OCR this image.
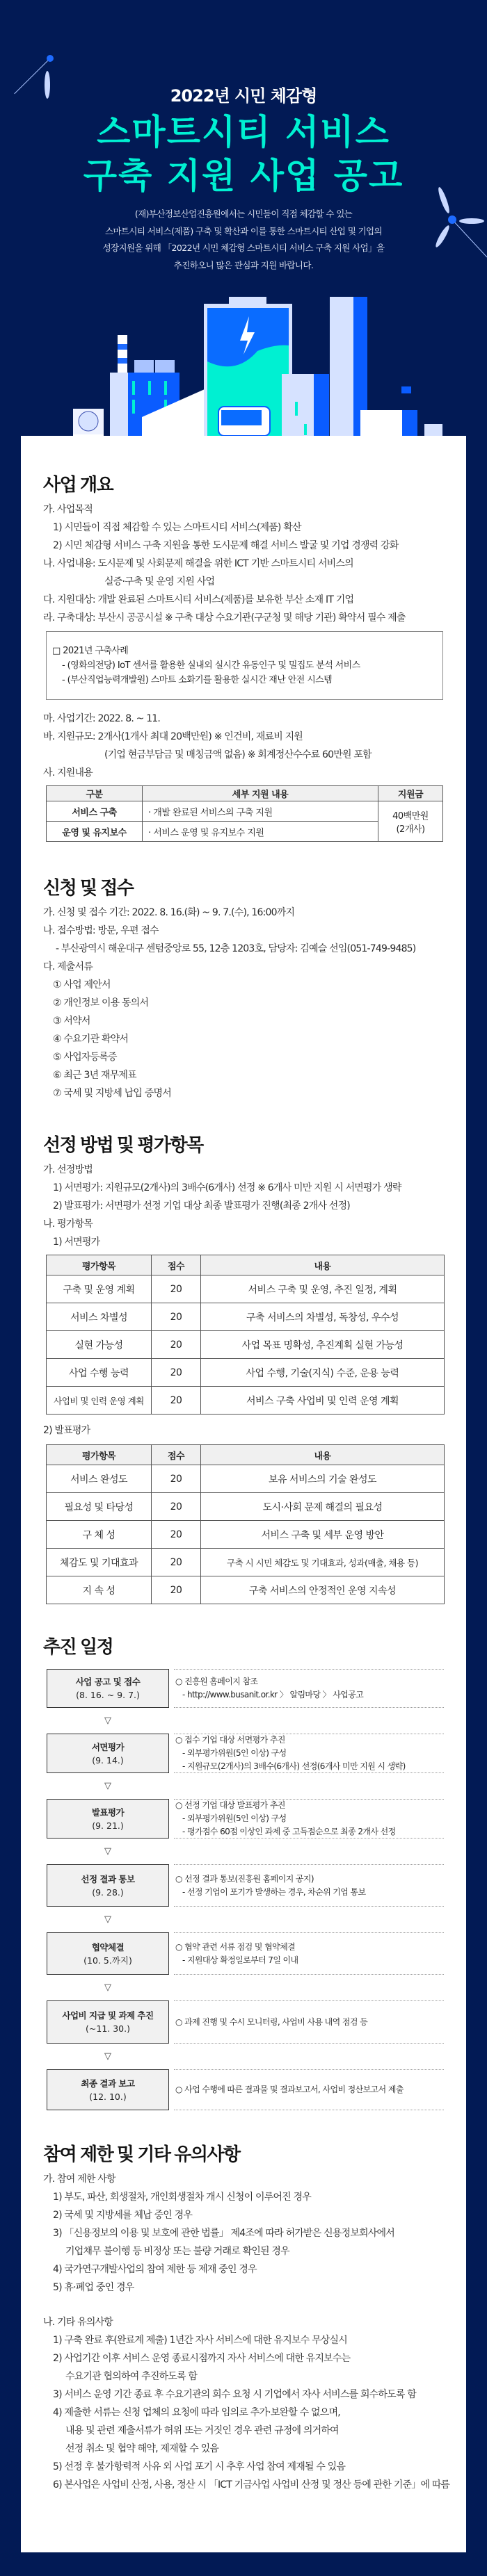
2022년 시민 체감형
스마트시티 서비스
구축 지원 사업 공고
(재)부산정보산업진흥원에서는 시민들이 직접 체감할 수 있는
스마트시티 서비스(제품) 구축 및 확산과 이를 통한 스마트시티 산업 및 기업의
성장지원을 위해 「2022년 시민 체감형 스마트시티 서비스 구축 지원 사업」을
추진하오니 많은 관심과 지원 바랍니다.
사업 개요
가. 사업목적
1) 시민들이 직접 체감할 수 있는 스마트시티 서비스(제품) 확산
2) 시민 체감형 서비스 구축 지원을 통한 도시문제 해결 서비스 발굴 및 기업 경쟁력 강화
나. 사업내용: 도시문제 및 사회문제 해결을 위한 ICT 기반 스마트시티 서비스의
실증·구축 및 운영 지원 사업
다. 지원대상: 개발 완료된 스마트시티 서비스(제품)를 보유한 부산 소재 IT 기업
라. 구축대상: 부산시 공공시설 ※ 구축 대상 수요기관(구군청 및 해당 기관) 확약서 필수 제출
□ 2021년 구축사례
- (영화의전당) IoT 센서를 활용한 실내외 실시간 유동인구 및 밀집도 분석 서비스
- (부산직업능력개발원) 스마트 소화기를 활용한 실시간 재난 안전 시스템
마. 사업기간: 2022. 8. ~ 11.
바. 지원규모: 2개사(1개사 최대 20백만원) ※ 인건비, 재료비 지원
(기업 현금부담금 및 매칭금액 없음) ※ 회계정산수수료 60만원 포함
사. 지원내용
구분	세부 지원 내용	지원금
서비스 구축	· 개발 완료된 서비스의 구축 지원	40백만원
(2개사)

운영 및 유지보수	· 서비스 운영 및 유지보수 지원	
신청 및 접수
가. 신청 및 접수 기간: 2022. 8. 16.(화) ~ 9. 7.(수), 16:00까지
나. 접수방법: 방문, 우편 접수
- 부산광역시 해운대구 센텀중앙로 55, 12층 1203호, 담당자: 김예슬 선임(051-749-9485)
다. 제출서류
① 사업 제안서
② 개인정보 이용 동의서
③ 서약서
④ 수요기관 확약서
⑤ 사업자등록증
⑥ 최근 3년 재무제표
⑦ 국세 및 지방세 납입 증명서
선정 방법 및 평가항목
가. 선정방법
1) 서면평가: 지원규모(2개사)의 3배수(6개사) 선정 ※ 6개사 미만 지원 시 서면평가 생략
2) 발표평가: 서면평가 선정 기업 대상 최종 발표평가 진행(최종 2개사 선정)
나. 평가항목
1) 서면평가
평가항목	점수	내용
구축 및 운영 계획	20	서비스 구축 및 운영, 추진 일정, 계획
서비스 차별성	20	구축 서비스의 차별성, 독창성, 우수성
실현 가능성	20	사업 목표 명확성, 추진계획 실현 가능성
사업 수행 능력	20	사업 수행, 기술(지식) 수준, 운용 능력
사업비 및 인력 운영 계획	20	서비스 구축 사업비 및 인력 운영 계획
2) 발표평가
평가항목	점수	내용
서비스 완성도	20	보유 서비스의 기술 완성도
필요성 및 타당성	20	도시·사회 문제 해결의 필요성
구 체 성	20	서비스 구축 및 세부 운영 방안
체감도 및 기대효과	20	구축 시 시민 체감도 및 기대효과, 성과(매출, 채용 등)
지 속 성	20	구축 서비스의 안정적인 운영 지속성
추진 일정
사업 공고 및 접수
(8. 16. ~ 9. 7.)
○ 진흥원 홈페이지 참조
- http://www.busanit.or.kr 〉 알림마당 〉 사업공고
▽
서면평가
(9. 14.)
○ 접수 기업 대상 서면평가 추진
- 외부평가위원(5인 이상) 구성
- 지원규모(2개사)의 3배수(6개사) 선정(6개사 미만 지원 시 생략)
▽
발표평가
(9. 21.)
○ 선정 기업 대상 발표평가 추진
- 외부평가위원(5인 이상) 구성
- 평가점수 60점 이상인 과제 중 고득점순으로 최종 2개사 선정
▽
선정 결과 통보
(9. 28.)
○ 선정 결과 통보(진흥원 홈페이지 공지)
- 선정 기업이 포기가 발생하는 경우, 차순위 기업 통보
▽
협약체결
(10. 5.까지)
○ 협약 관련 서류 점검 및 협약체결
- 지원대상 확정일로부터 7일 이내
▽
사업비 지급 및 과제 추진
(~11. 30.)
○ 과제 진행 및 수시 모니터링, 사업비 사용 내역 점검 등
▽
최종 결과 보고
(12. 10.)
○ 사업 수행에 따른 결과물 및 결과보고서, 사업비 정산보고서 제출
참여 제한 및 기타 유의사항
가. 참여 제한 사항
1) 부도, 파산, 회생절차, 개인회생절차 개시 신청이 이루어진 경우
2) 국세 및 지방세를 체납 중인 경우
3) 「신용정보의 이용 및 보호에 관한 법률」 제4조에 따라 허가받은 신용정보회사에서
기업채무 불이행 등 비정상 또는 불량 거래로 확인된 경우
4) 국가연구개발사업의 참여 제한 등 제재 중인 경우
5) 휴·폐업 중인 경우
나. 기타 유의사항
1) 구축 완료 후(완료계 제출) 1년간 자사 서비스에 대한 유지보수 무상실시
2) 사업기간 이후 서비스 운영 종료시점까지 자사 서비스에 대한 유지보수는
수요기관 협의하여 추진하도록 함
3) 서비스 운영 기간 종료 후 수요기관의 회수 요청 시 기업에서 자사 서비스를 회수하도록 함
4) 제출한 서류는 신청 업체의 요청에 따라 임의로 추가·보완할 수 없으며,
내용 및 관련 제출서류가 허위 또는 거짓인 경우 관련 규정에 의거하여
선정 취소 및 협약 해약, 제재할 수 있음
5) 선정 후 불가항력적 사유 외 사업 포기 시 추후 사업 참여 제재될 수 있음
6) 본사업은 사업비 산정, 사용, 정산 시 「ICT 기금사업 사업비 산정 및 정산 등에 관한 기준」에 따름
